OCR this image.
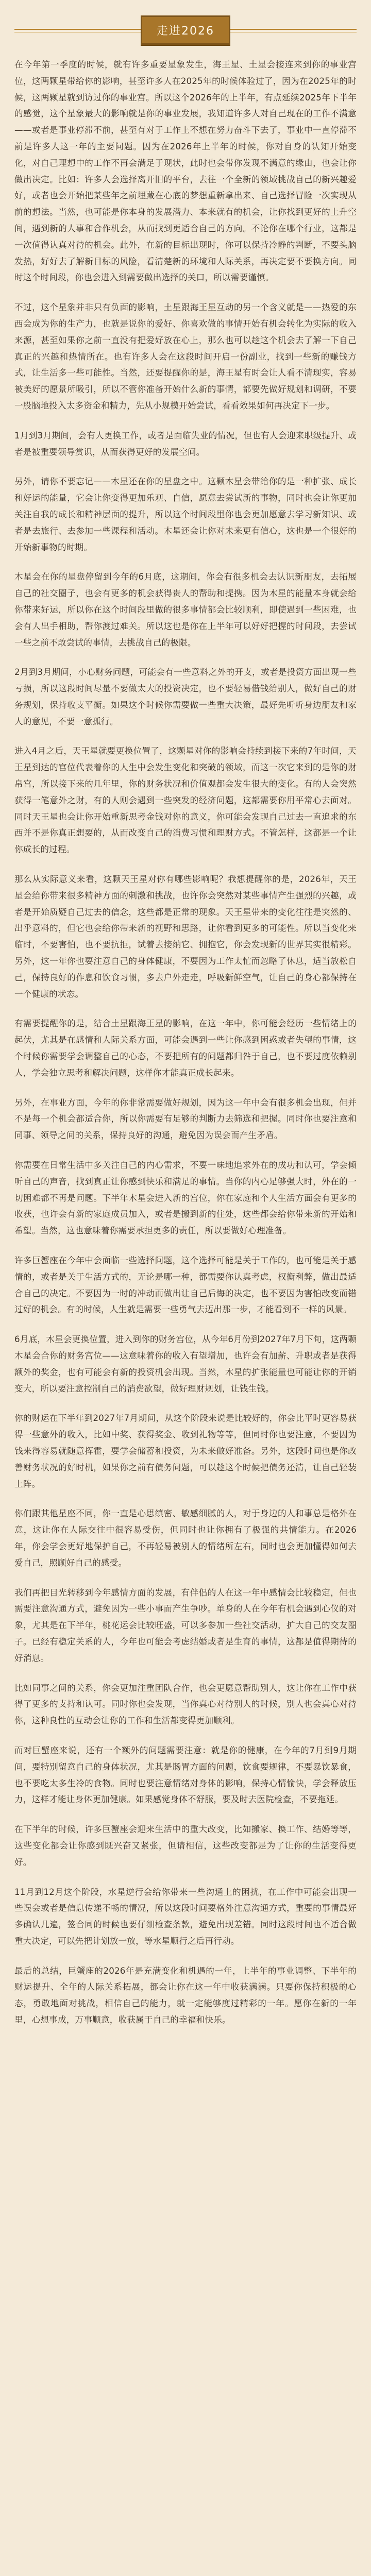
走进2026

在今年第一季度的时候，就有许多重要星象发生，海王星、土星会接连来到你的事业宫位，这两颗星带给你的影响，甚至许多人在2025年的时候体验过了，因为在2025年的时候，这两颗星就到访过你的事业宫。所以这个2026年的上半年，有点延续2025年下半年的感觉，这个星象最大的影响就是你的事业发展，我知道许多人对自己现在的工作不满意——或者是事业停滞不前，甚至有对于工作上不想在努力奋斗下去了，事业中一直停滞不前是许多人这一年的主要问题。因为在2026年上半年的时候，你对自身的认知开始变化，对自己理想中的工作不再会满足于现状，此时也会带你发现不满意的缘由，也会让你做出决定。比如：许多人会选择离开旧的平台，去往一个全新的领域挑战自己的新兴趣爱好，或者也会开始把某些年之前埋藏在心底的梦想重新拿出来、自己选择冒险一次实现从前的想法。当然，也可能是你本身的发展潜力、本来就有的机会，让你找到更好的上升空间，遇到新的人事和合作机会，从而找到更适合自己的方向。不论你在哪个行业，这都是一次值得认真对待的机会。此外，在新的目标出现时，你可以保持冷静的判断，不要头脑发热，好好去了解新目标的风险，看清楚新的环境和人际关系，再决定要不要换方向。同时这个时间段，你也会进入到需要做出选择的关口，所以需要谨慎。

不过，这个星象并非只有负面的影响，土星跟海王星互动的另一个含义就是——热爱的东西会成为你的生产力，也就是说你的爱好、你喜欢做的事情开始有机会转化为实际的收入来源，甚至如果你之前一直没有把爱好放在心上，那么也可以趁这个机会去了解一下自己真正的兴趣和热情所在。也有许多人会在这段时间开启一份副业，找到一些新的赚钱方式，让生活多一些可能性。当然，还要提醒你的是，海王星有时会让人看不清现实，容易被美好的愿景所吸引，所以不管你准备开始什么新的事情，都要先做好规划和调研，不要一股脑地投入太多资金和精力，先从小规模开始尝试，看看效果如何再决定下一步。

1月到3月期间，会有人更换工作，或者是面临失业的情况，但也有人会迎来职级提升、或者是被重要领导赏识，从而获得更好的发展空间。

另外，请你不要忘记——木星还在你的星盘之中。这颗木星会带给你的是一种扩张、成长和好运的能量，它会让你变得更加乐观、自信，愿意去尝试新的事物，同时也会让你更加关注自我的成长和精神层面的提升，所以这个时间段里你也会更加愿意去学习新知识、或者是去旅行、去参加一些课程和活动。木星还会让你对未来更有信心，这也是一个很好的开始新事物的时期。

木星会在你的星盘停留到今年的6月底，这期间，你会有很多机会去认识新朋友，去拓展自己的社交圈子，也会有更多的机会获得贵人的帮助和提携。因为木星的能量本身就会给你带来好运，所以你在这个时间段里做的很多事情都会比较顺利，即使遇到一些困难，也会有人出手相助，帮你渡过难关。所以这也是你在上半年可以好好把握的时间段，去尝试一些之前不敢尝试的事情，去挑战自己的极限。

2月到3月期间，小心财务问题，可能会有一些意料之外的开支，或者是投资方面出现一些亏损，所以这段时间尽量不要做太大的投资决定，也不要轻易借钱给别人，做好自己的财务规划，保持收支平衡。如果这个时候你需要做一些重大决策，最好先听听身边朋友和家人的意见，不要一意孤行。

进入4月之后，天王星就要更换位置了，这颗星对你的影响会持续到接下来的7年时间，天王星到达的宫位代表着你的人生中会发生变化和突破的领域，而这一次它来到的是你的财帛宫，所以接下来的几年里，你的财务状况和价值观都会发生很大的变化。有的人会突然获得一笔意外之财，有的人则会遇到一些突发的经济问题，这都需要你用平常心去面对。同时天王星也会让你开始重新思考金钱对你的意义，你可能会发现自己过去一直追求的东西并不是你真正想要的，从而改变自己的消费习惯和理财方式。不管怎样，这都是一个让你成长的过程。

那么从实际意义来看，这颗天王星对你有哪些影响呢？我想提醒你的是，2026年，天王星会给你带来很多精神方面的刺激和挑战，也许你会突然对某些事情产生强烈的兴趣，或者是开始质疑自己过去的信念，这些都是正常的现象。天王星带来的变化往往是突然的、出乎意料的，但它也会给你带来新的视野和思路，让你看到更多的可能性。所以当变化来临时，不要害怕，也不要抗拒，试着去接纳它、拥抱它，你会发现新的世界其实很精彩。另外，这一年你也要注意自己的身体健康，不要因为工作太忙而忽略了休息，适当放松自己，保持良好的作息和饮食习惯，多去户外走走，呼吸新鲜空气，让自己的身心都保持在一个健康的状态。

有需要提醒你的是，结合土星跟海王星的影响，在这一年中，你可能会经历一些情绪上的起伏，尤其是在感情和人际关系方面，可能会遇到一些让你感到困惑或者失望的事情，这个时候你需要学会调整自己的心态，不要把所有的问题都归咎于自己，也不要过度依赖别人，学会独立思考和解决问题，这样你才能真正成长起来。

另外，在事业方面，今年的你非常需要做好规划，因为这一年中会有很多机会出现，但并不是每一个机会都适合你，所以你需要有足够的判断力去筛选和把握。同时你也要注意和同事、领导之间的关系，保持良好的沟通，避免因为误会而产生矛盾。

你需要在日常生活中多关注自己的内心需求，不要一味地追求外在的成功和认可，学会倾听自己的声音，找到真正让你感到快乐和满足的事情。当你的内心足够强大时，外在的一切困难都不再是问题。下半年木星会进入新的宫位，你在家庭和个人生活方面会有更多的收获，也许会有新的家庭成员加入，或者是搬到新的住处，这些都会给你带来新的开始和希望。当然，这也意味着你需要承担更多的责任，所以要做好心理准备。

许多巨蟹座在今年中会面临一些选择问题，这个选择可能是关于工作的，也可能是关于感情的，或者是关于生活方式的，无论是哪一种，都需要你认真考虑，权衡利弊，做出最适合自己的决定。不要因为一时的冲动而做出让自己后悔的决定，也不要因为害怕改变而错过好的机会。有的时候，人生就是需要一些勇气去迈出那一步，才能看到不一样的风景。

6月底，木星会更换位置，进入到你的财务宫位，从今年6月份到2027年7月下旬，这两颗木星会合你的财务宫位——这意味着你的收入有望增加，也许会有加薪、升职或者是获得额外的奖金，也有可能会有新的投资机会出现。当然，木星的扩张能量也可能让你的开销变大，所以要注意控制自己的消费欲望，做好理财规划，让钱生钱。

你的财运在下半年到2027年7月期间，从这个阶段来说是比较好的，你会比平时更容易获得一些意外的收入，比如中奖、获得奖金、收到礼物等等，但同时你也要注意，不要因为钱来得容易就随意挥霍，要学会储蓄和投资，为未来做好准备。另外，这段时间也是你改善财务状况的好时机，如果你之前有债务问题，可以趁这个时候把债务还清，让自己轻装上阵。

你们跟其他星座不同，你一直是心思缜密、敏感细腻的人，对于身边的人和事总是格外在意，这让你在人际交往中很容易受伤，但同时也让你拥有了极强的共情能力。在2026年，你会学会更好地保护自己，不再轻易被别人的情绪所左右，同时也会更加懂得如何去爱自己，照顾好自己的感受。

我们再把目光转移到今年感情方面的发展，有伴侣的人在这一年中感情会比较稳定，但也需要注意沟通方式，避免因为一些小事而产生争吵。单身的人在今年有机会遇到心仪的对象，尤其是在下半年，桃花运会比较旺盛，可以多参加一些社交活动，扩大自己的交友圈子。已经有稳定关系的人，今年也可能会考虑结婚或者是生育的事情，这都是值得期待的好消息。

比如同事之间的关系，你会更加注重团队合作，也会更愿意帮助别人，这让你在工作中获得了更多的支持和认可。同时你也会发现，当你真心对待别人的时候，别人也会真心对待你，这种良性的互动会让你的工作和生活都变得更加顺利。

而对巨蟹座来说，还有一个额外的问题需要注意：就是你的健康，在今年的7月到9月期间，要特别留意自己的身体状况，尤其是肠胃方面的问题，饮食要规律，不要暴饮暴食，也不要吃太多生冷的食物。同时也要注意情绪对身体的影响，保持心情愉快，学会释放压力，这样才能让身体更加健康。如果感觉身体不舒服，要及时去医院检查，不要拖延。

在下半年的时候，许多巨蟹座会迎来生活中的重大改变，比如搬家、换工作、结婚等等，这些变化都会让你感到既兴奋又紧张，但请相信，这些改变都是为了让你的生活变得更好。

11月到12月这个阶段，水星逆行会给你带来一些沟通上的困扰，在工作中可能会出现一些误会或者是信息传递不畅的情况，所以这段时间要格外注意沟通方式，重要的事情最好多确认几遍，签合同的时候也要仔细检查条款，避免出现差错。同时这段时间也不适合做重大决定，可以先把计划放一放，等水星顺行之后再行动。

最后的总结，巨蟹座的2026年是充满变化和机遇的一年，上半年的事业调整、下半年的财运提升、全年的人际关系拓展，都会让你在这一年中收获满满。只要你保持积极的心态，勇敢地面对挑战，相信自己的能力，就一定能够度过精彩的一年。愿你在新的一年里，心想事成，万事顺意，收获属于自己的幸福和快乐。
